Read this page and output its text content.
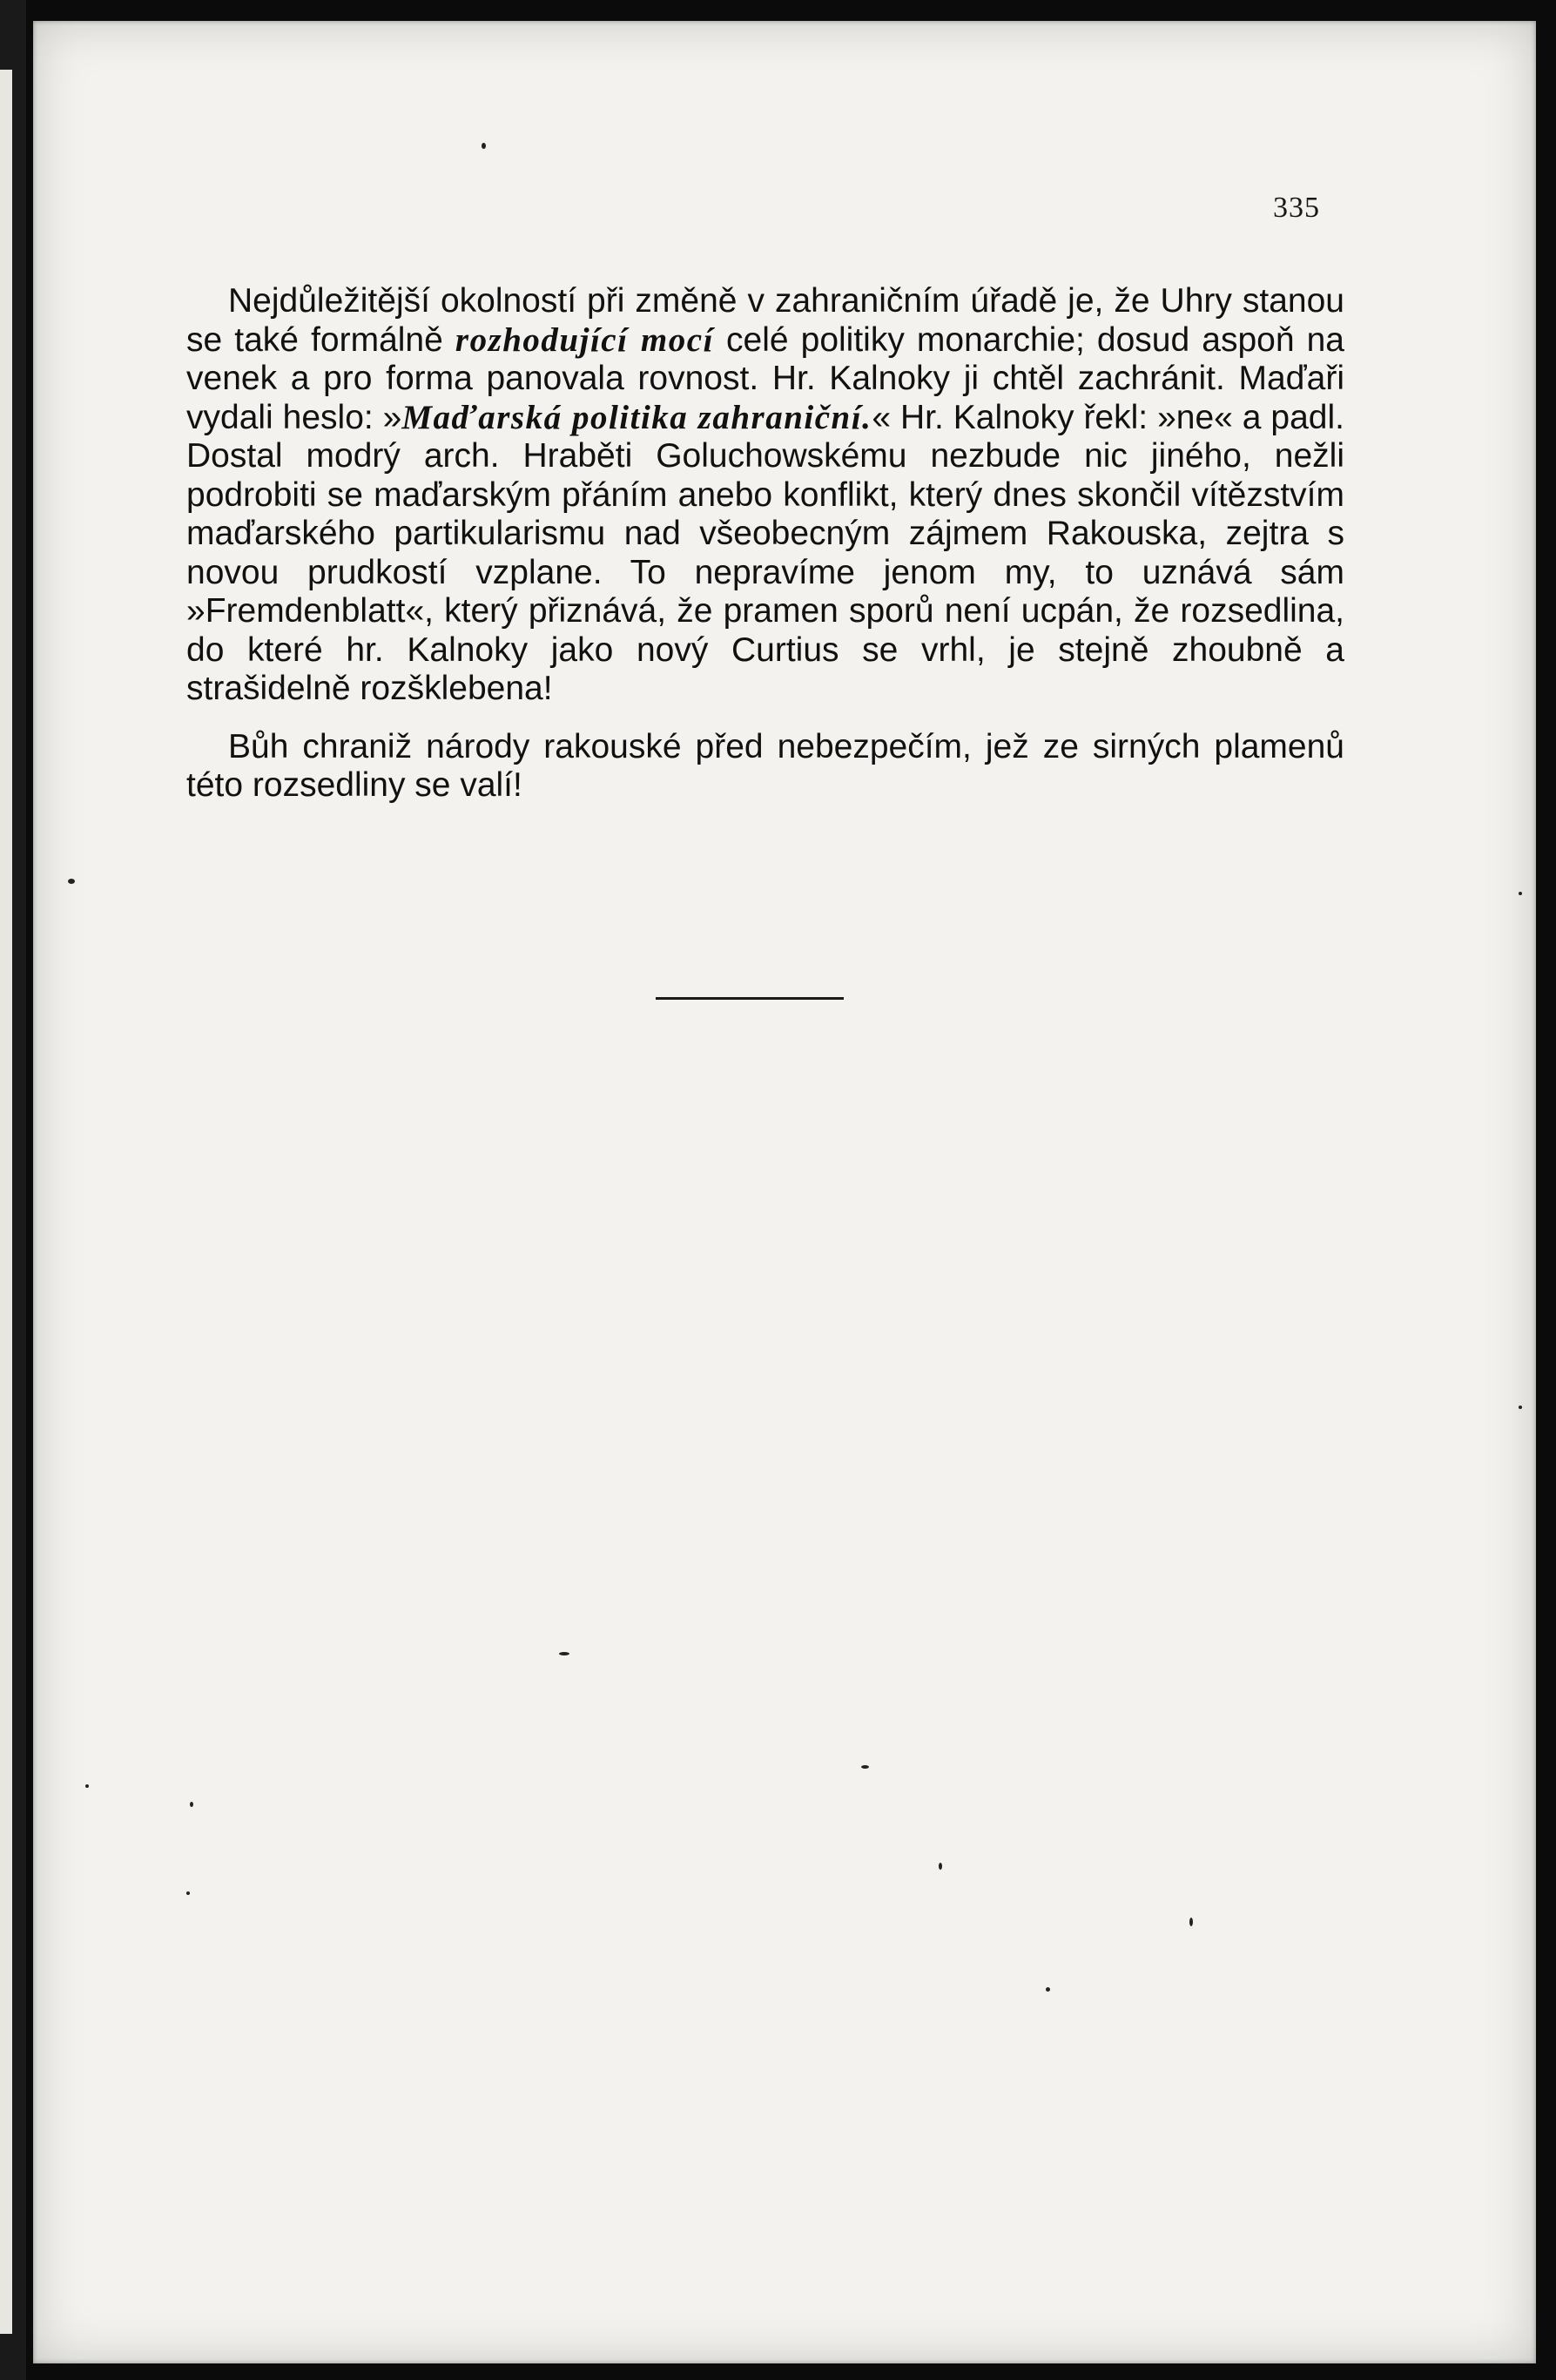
335

Nejdůležitější okolností při změně v zahraničním úřadě je, že Uhry stanou se také formálně rozhodující mocí celé politiky monarchie; dosud aspoň na venek a pro forma panovala rovnost. Hr. Kalnoky ji chtěl zachránit. Maďaři vydali heslo: »Maďarská politika zahraniční.« Hr. Kalnoky řekl: »ne« a padl. Dostal modrý arch. Hraběti Goluchowskému nezbude nic jiného, nežli podrobiti se maďarským přáním anebo konflikt, který dnes skončil vítězstvím maďarského partikularismu nad všeobecným zájmem Rakouska, zejtra s novou prudkostí vzplane. To nepravíme jenom my, to uznává sám »Fremdenblatt«, který přiznává, že pramen sporů není ucpán, že rozsedlina, do které hr. Kalnoky jako nový Curtius se vrhl, je stejně zhoubně a strašidelně rozšklebena!

Bůh chraniž národy rakouské před nebezpečím, jež ze sirných plamenů této rozsedliny se valí!
